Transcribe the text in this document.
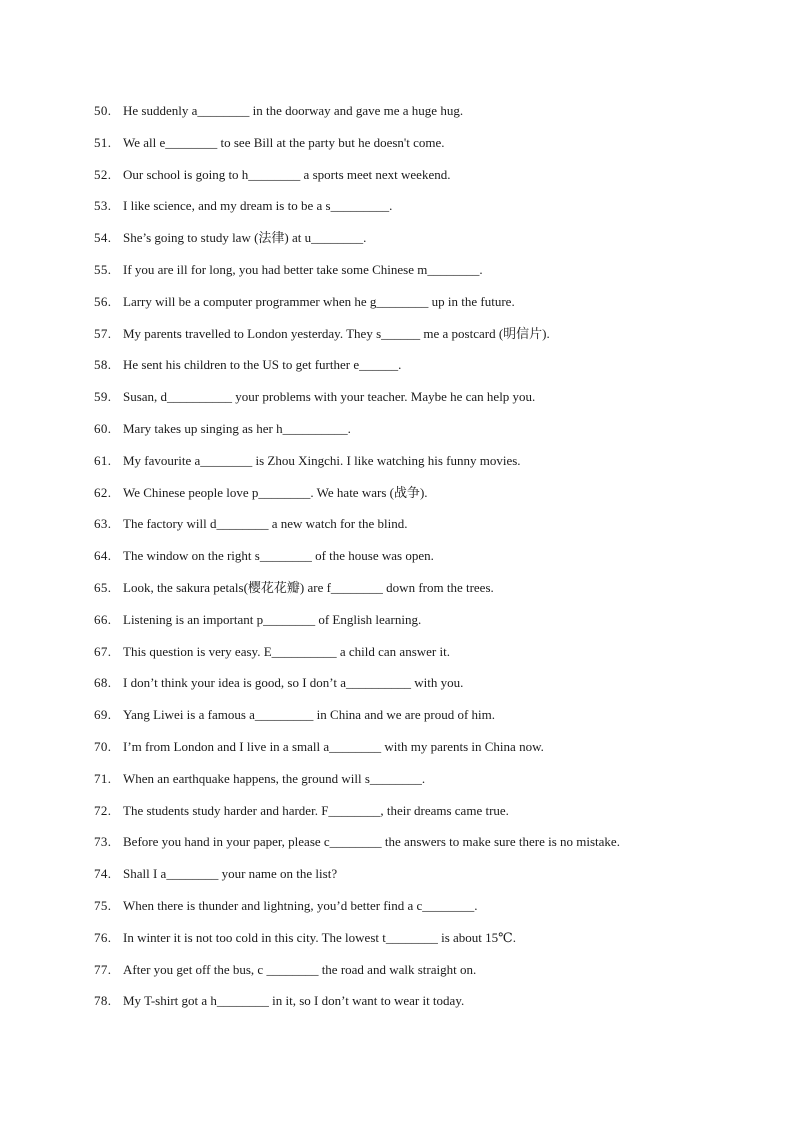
50. He suddenly a________ in the doorway and gave me a huge hug.
51. We all e________ to see Bill at the party but he doesn't come.
52. Our school is going to h________ a sports meet next weekend.
53. I like science, and my dream is to be a s_________.
54. She’s going to study law (法律) at u________.
55. If you are ill for long, you had better take some Chinese m________.
56. Larry will be a computer programmer when he g________ up in the future.
57. My parents travelled to London yesterday. They s______ me a postcard (明信片).
58. He sent his children to the US to get further e______.
59. Susan, d__________ your problems with your teacher. Maybe he can help you.
60. Mary takes up singing as her h__________.
61. My favourite a________ is Zhou Xingchi. I like watching his funny movies.
62. We Chinese people love p________. We hate wars (战争).
63. The factory will d________ a new watch for the blind.
64. The window on the right s________ of the house was open.
65. Look, the sakura petals(樱花花瓣) are f________ down from the trees.
66. Listening is an important p________ of English learning.
67. This question is very easy. E__________ a child can answer it.
68. I don’t think your idea is good, so I don’t a__________ with you.
69. Yang Liwei is a famous a_________ in China and we are proud of him.
70. I’m from London and I live in a small a________ with my parents in China now.
71. When an earthquake happens, the ground will s________.
72. The students study harder and harder. F________, their dreams came true.
73. Before you hand in your paper, please c________ the answers to make sure there is no mistake.
74. Shall I a________ your name on the list?
75. When there is thunder and lightning, you’d better find a c________.
76. In winter it is not too cold in this city. The lowest t________ is about 15℃.
77. After you get off the bus, c ________ the road and walk straight on.
78. My T-shirt got a h________ in it, so I don’t want to wear it today.
